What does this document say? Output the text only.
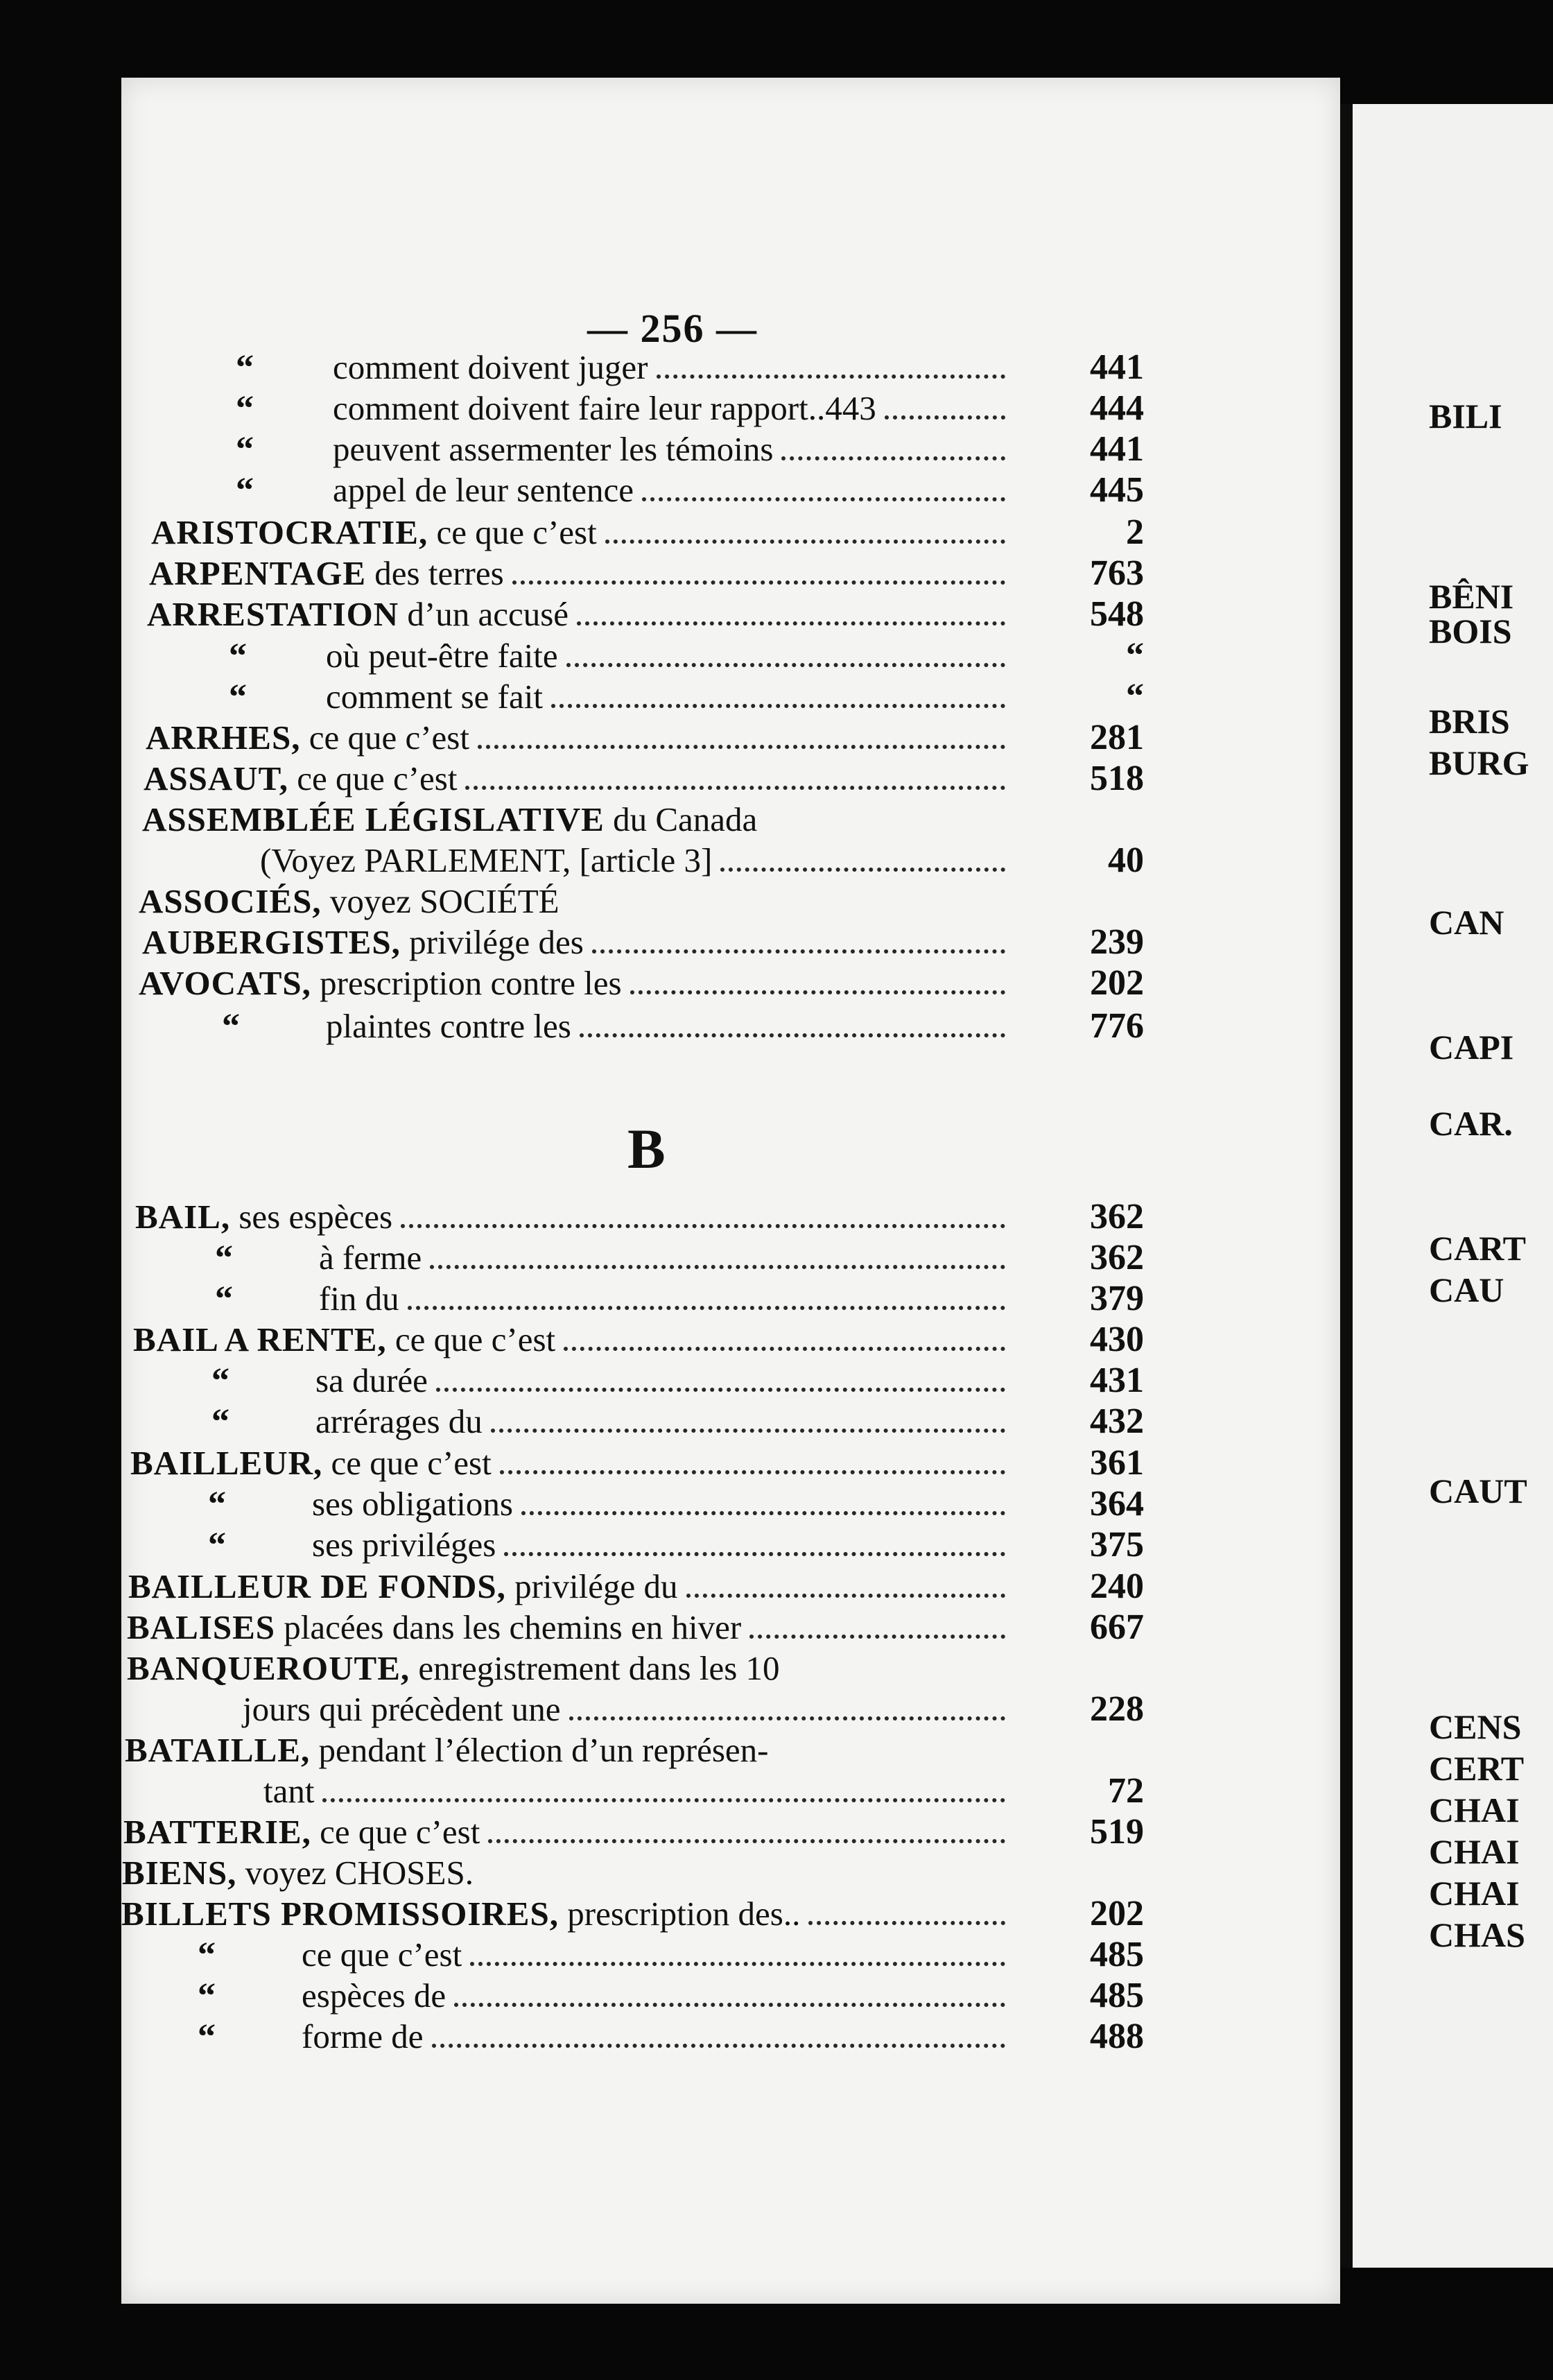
BILI
BÊNI
BOIS
BRIS
BURG
CAN
CAPI
CAR.
CART
CAU
CAUT
CENS
CERT
CHAI
CHAI
CHAI
CHAS
— 256 —
B
“ comment doivent juger	441
“ comment doivent faire leur rapport..443	444
“ peuvent assermenter les témoins	441
“ appel de leur sentence	445
ARISTOCRATIE, ce que c’est	2
ARPENTAGE des terres	763
ARRESTATION d’un accusé	548
“ où peut-être faite	“
“ comment se fait	“
ARRHES, ce que c’est	281
ASSAUT, ce que c’est	518
ASSEMBLÉE LÉGISLATIVE du Canada
(Voyez PARLEMENT, [article 3]	40
ASSOCIÉS, voyez SOCIÉTÉ
AUBERGISTES, privilége des	239
AVOCATS, prescription contre les	202
“	plaintes contre les	776
BAIL, ses espèces	362
“	à ferme	362
“	fin du	379
BAIL A RENTE, ce que c’est	430
“	sa durée	431
“	arrérages du	432
BAILLEUR, ce que c’est	361
“	ses obligations	364
“	ses priviléges	375
BAILLEUR DE FONDS, privilége du	240
BALISES placées dans les chemins en hiver	667
BANQUEROUTE, enregistrement dans les 10
jours qui précèdent une	228
BATAILLE, pendant l’élection d’un représen-
tant	72
BATTERIE, ce que c’est	519
BIENS, voyez CHOSES.
BILLETS PROMISSOIRES, prescription des..	202
“	ce que c’est	485
“	espèces de	485
“	forme de	488
